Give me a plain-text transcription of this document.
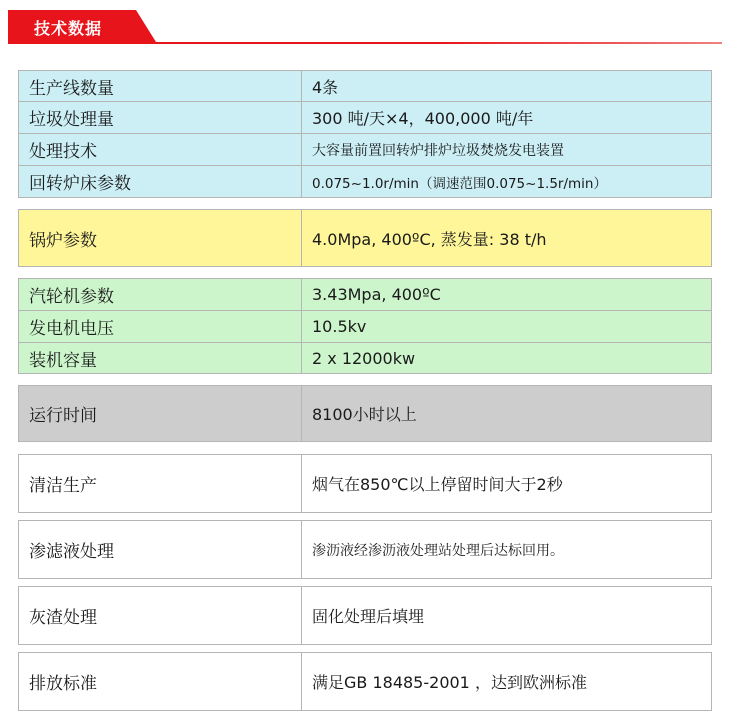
技术数据
生产线数量	4条
垃圾处理量	300 吨/天×4，400,000 吨/年
处理技术	大容量前置回转炉排炉垃圾焚烧发电装置
回转炉床参数	0.075~1.0r/min（调速范围0.075~1.5r/min）
锅炉参数	4.0Mpa, 400ºC, 蒸发量: 38 t/h
汽轮机参数	3.43Mpa, 400ºC
发电机电压	10.5kv
装机容量	2 x 12000kw
运行时间	8100小时以上
清洁生产	烟气在850℃以上停留时间大于2秒
渗滤液处理	渗沥液经渗沥液处理站处理后达标回用。
灰渣处理	固化处理后填埋
排放标准	满足GB 18485-2001 ，达到欧洲标准
